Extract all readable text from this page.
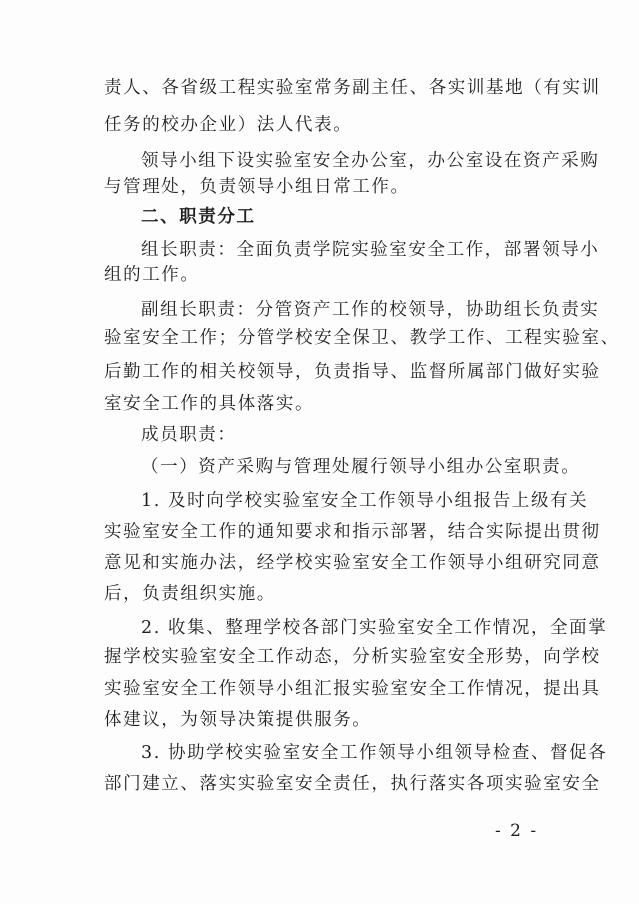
责人、各省级工程实验室常务副主任、各实训基地（有实训
任务的校办企业）法人代表。
领导小组下设实验室安全办公室，办公室设在资产采购
与管理处，负责领导小组日常工作。
二、职责分工
组长职责：全面负责学院实验室安全工作，部署领导小
组的工作。
副组长职责：分管资产工作的校领导，协助组长负责实
验室安全工作；分管学校安全保卫、教学工作、工程实验室、
后勤工作的相关校领导，负责指导、监督所属部门做好实验
室安全工作的具体落实。
成员职责：
（一）资产采购与管理处履行领导小组办公室职责。
1. 及时向学校实验室安全工作领导小组报告上级有关
实验室安全工作的通知要求和指示部署，结合实际提出贯彻
意见和实施办法，经学校实验室安全工作领导小组研究同意
后，负责组织实施。
2. 收集、整理学校各部门实验室安全工作情况，全面掌
握学校实验室安全工作动态，分析实验室安全形势，向学校
实验室安全工作领导小组汇报实验室安全工作情况，提出具
体建议，为领导决策提供服务。
3. 协助学校实验室安全工作领导小组领导检查、督促各
部门建立、落实实验室安全责任，执行落实各项实验室安全
- 2 -
